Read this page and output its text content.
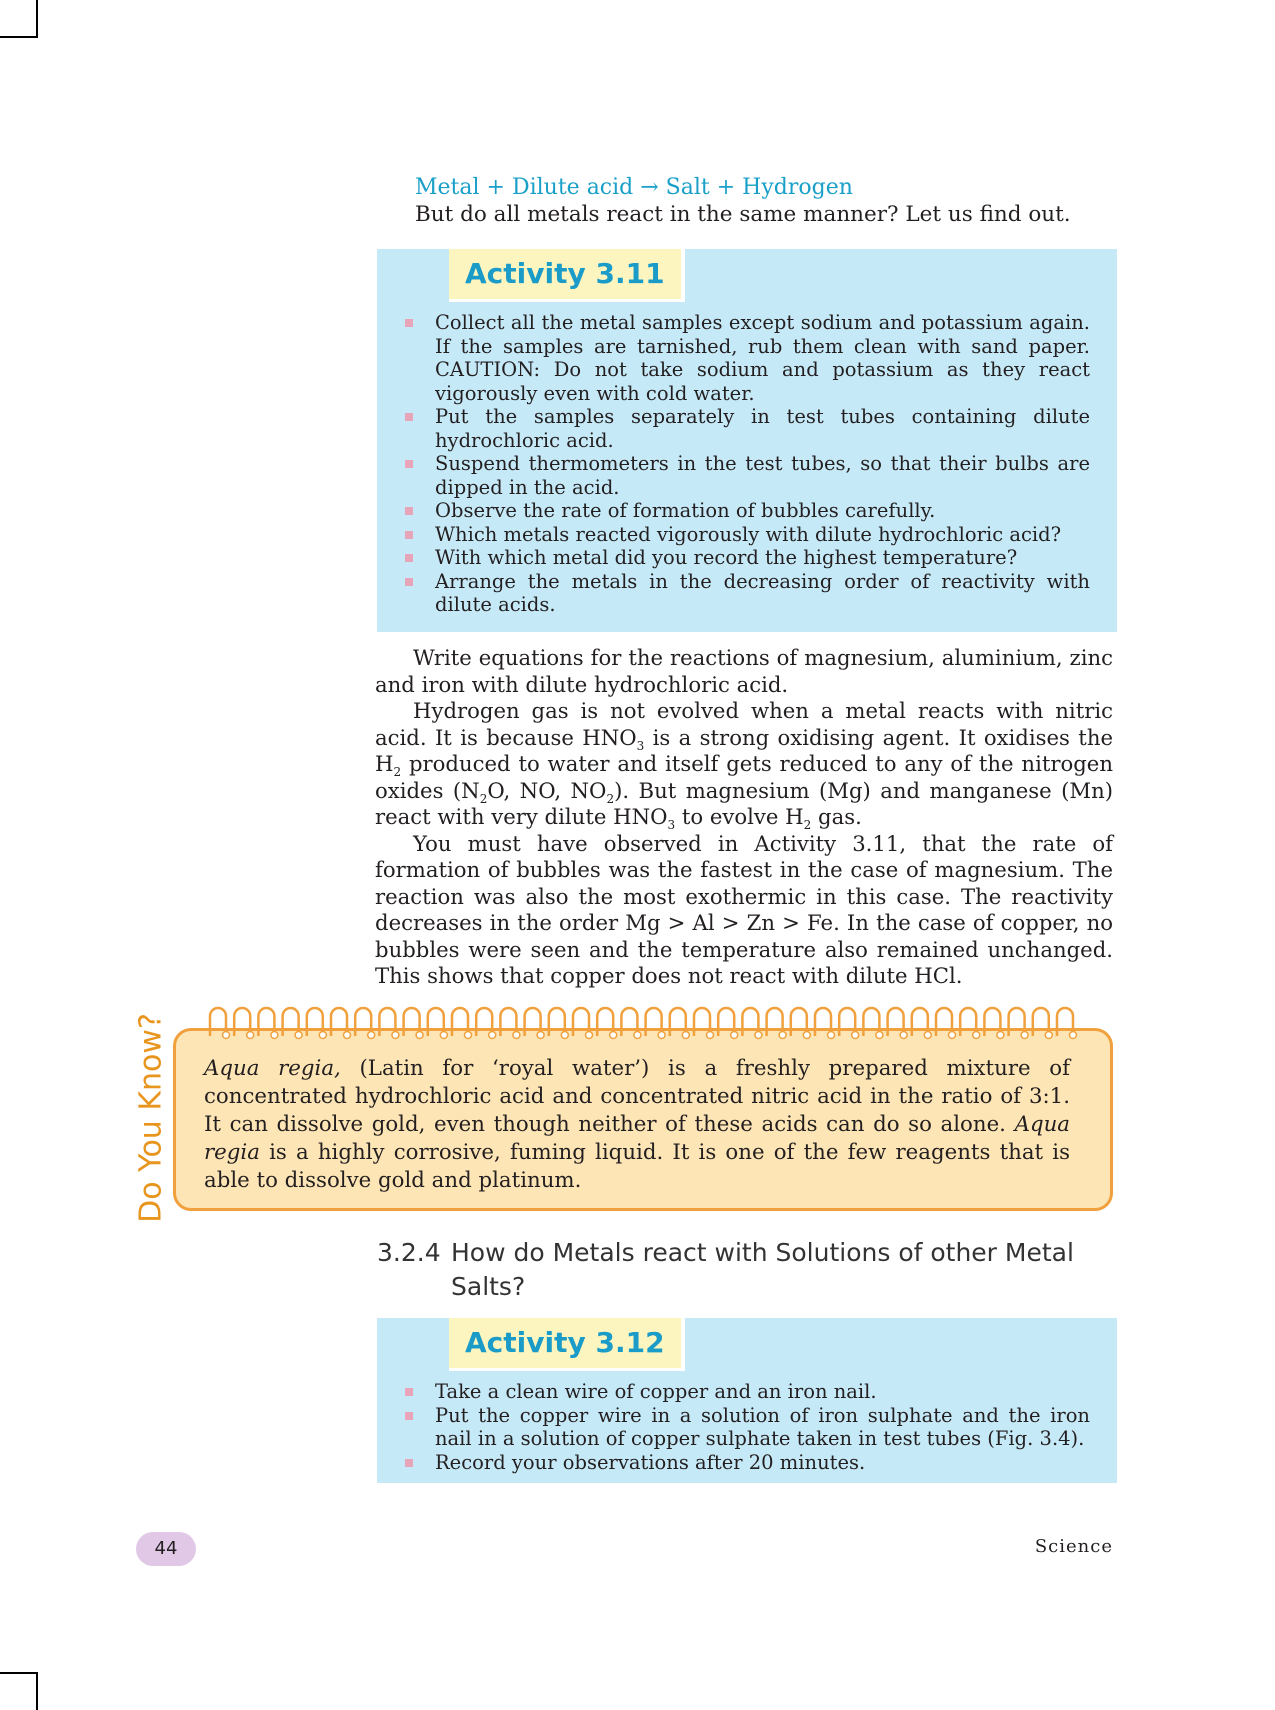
Metal + Dilute acid → Salt + Hydrogen
But do all metals react in the same manner? Let us find out.
Activity 3.11
Collect all the metal samples except sodium and potassium again. If the samples are tarnished, rub them clean with sand paper. CAUTION: Do not take sodium and potassium as they react vigorously even with cold water.
Put the samples separately in test tubes containing dilute hydrochloric acid.
Suspend thermometers in the test tubes, so that their bulbs are dipped in the acid.
Observe the rate of formation of bubbles carefully.
Which metals reacted vigorously with dilute hydrochloric acid?
With which metal did you record the highest temperature?
Arrange the metals in the decreasing order of reactivity with dilute acids.

Write equations for the reactions of magnesium, aluminium, zinc and iron with dilute hydrochloric acid.

Hydrogen gas is not evolved when a metal reacts with nitric acid. It is because $HNO_3$ is a strong oxidising agent. It oxidises the $H_2$ produced to water and itself gets reduced to any of the nitrogen oxides ($N_2O$, NO, $NO_2$). But magnesium (Mg) and manganese (Mn) react with very dilute $HNO_3$ to evolve $H_2$ gas.

You must have observed in Activity 3.11, that the rate of formation of bubbles was the fastest in the case of magnesium. The reaction was also the most exothermic in this case. The reactivity decreases in the order Mg > Al > Zn > Fe. In the case of copper, no bubbles were seen and the temperature also remained unchanged. This shows that copper does not react with dilute HCl.

Do You Know? Aqua regia, (Latin for ‘royal water’) is a freshly prepared mixture of concentrated hydrochloric acid and concentrated nitric acid in the ratio of 3:1. It can dissolve gold, even though neither of these acids can do so alone. Aqua regia is a highly corrosive, fuming liquid. It is one of the few reagents that is able to dissolve gold and platinum.
3.2.4 How do Metals react with Solutions of other Metal
Salts?
Activity 3.12
Take a clean wire of copper and an iron nail.
Put the copper wire in a solution of iron sulphate and the iron nail in a solution of copper sulphate taken in test tubes (Fig. 3.4).
Record your observations after 20 minutes.
44	Science
